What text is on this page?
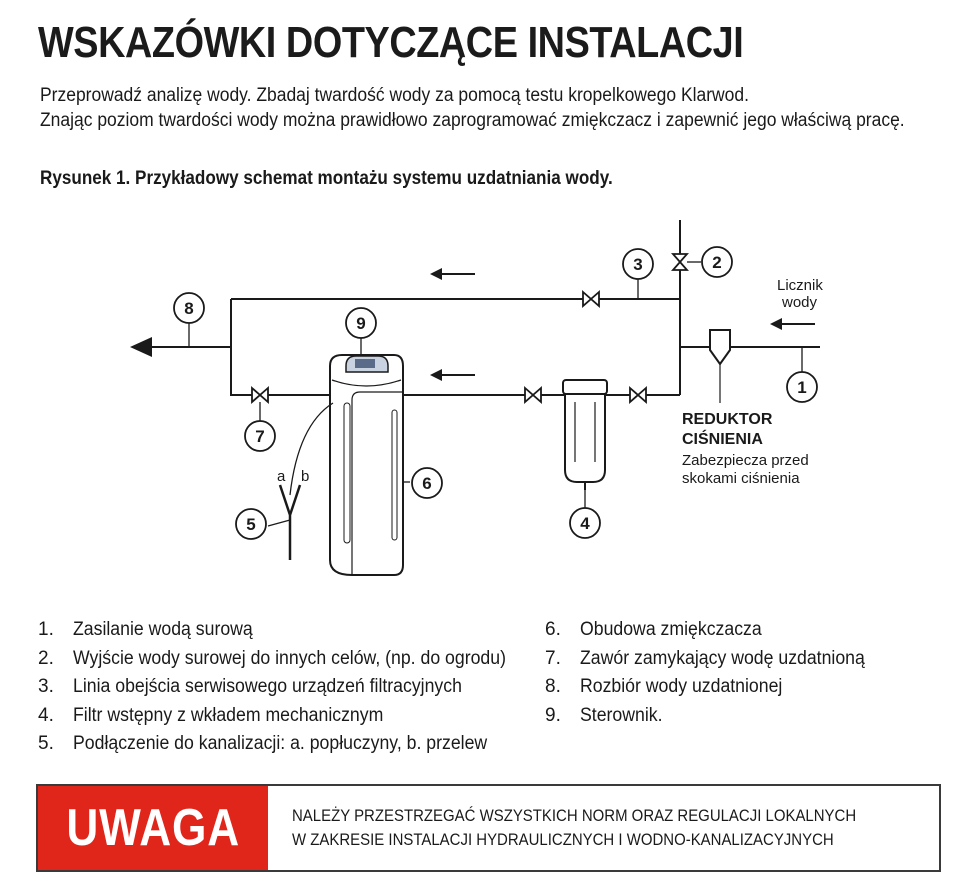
WSKAZÓWKI DOTYCZĄCE INSTALACJI
Przeprowadź analizę wody. Zbadaj twardość wody za pomocą testu kropelkowego Klarwod.
Znając poziom twardości wody można prawidłowo zaprogramować zmiękczacz i zapewnić jego właściwą pracę.
Rysunek 1. Przykładowy schemat montażu systemu uzdatniania wody.
1
2
3
4
5
6
7
8
9
a b
Licznik
wody
REDUKTOR
CIŚNIENIA
Zabezpiecza przed
skokami ciśnienia
1.	Zasilanie wodą surową
2.	Wyjście wody surowej do innych celów, (np. do ogrodu)
3.	Linia obejścia serwisowego urządzeń filtracyjnych
4.	Filtr wstępny z wkładem mechanicznym
5.	Podłączenie do kanalizacji: a. popłuczyny, b. przelew
6.	Obudowa zmiękczacza
7.	Zawór zamykający wodę uzdatnioną
8.	Rozbiór wody uzdatnionej
9.	Sterownik.
UWAGA	NALEŻY PRZESTRZEGAĆ WSZYSTKICH NORM ORAZ REGULACJI LOKALNYCH
W ZAKRESIE INSTALACJI HYDRAULICZNYCH I WODNO-KANALIZACYJNYCH
